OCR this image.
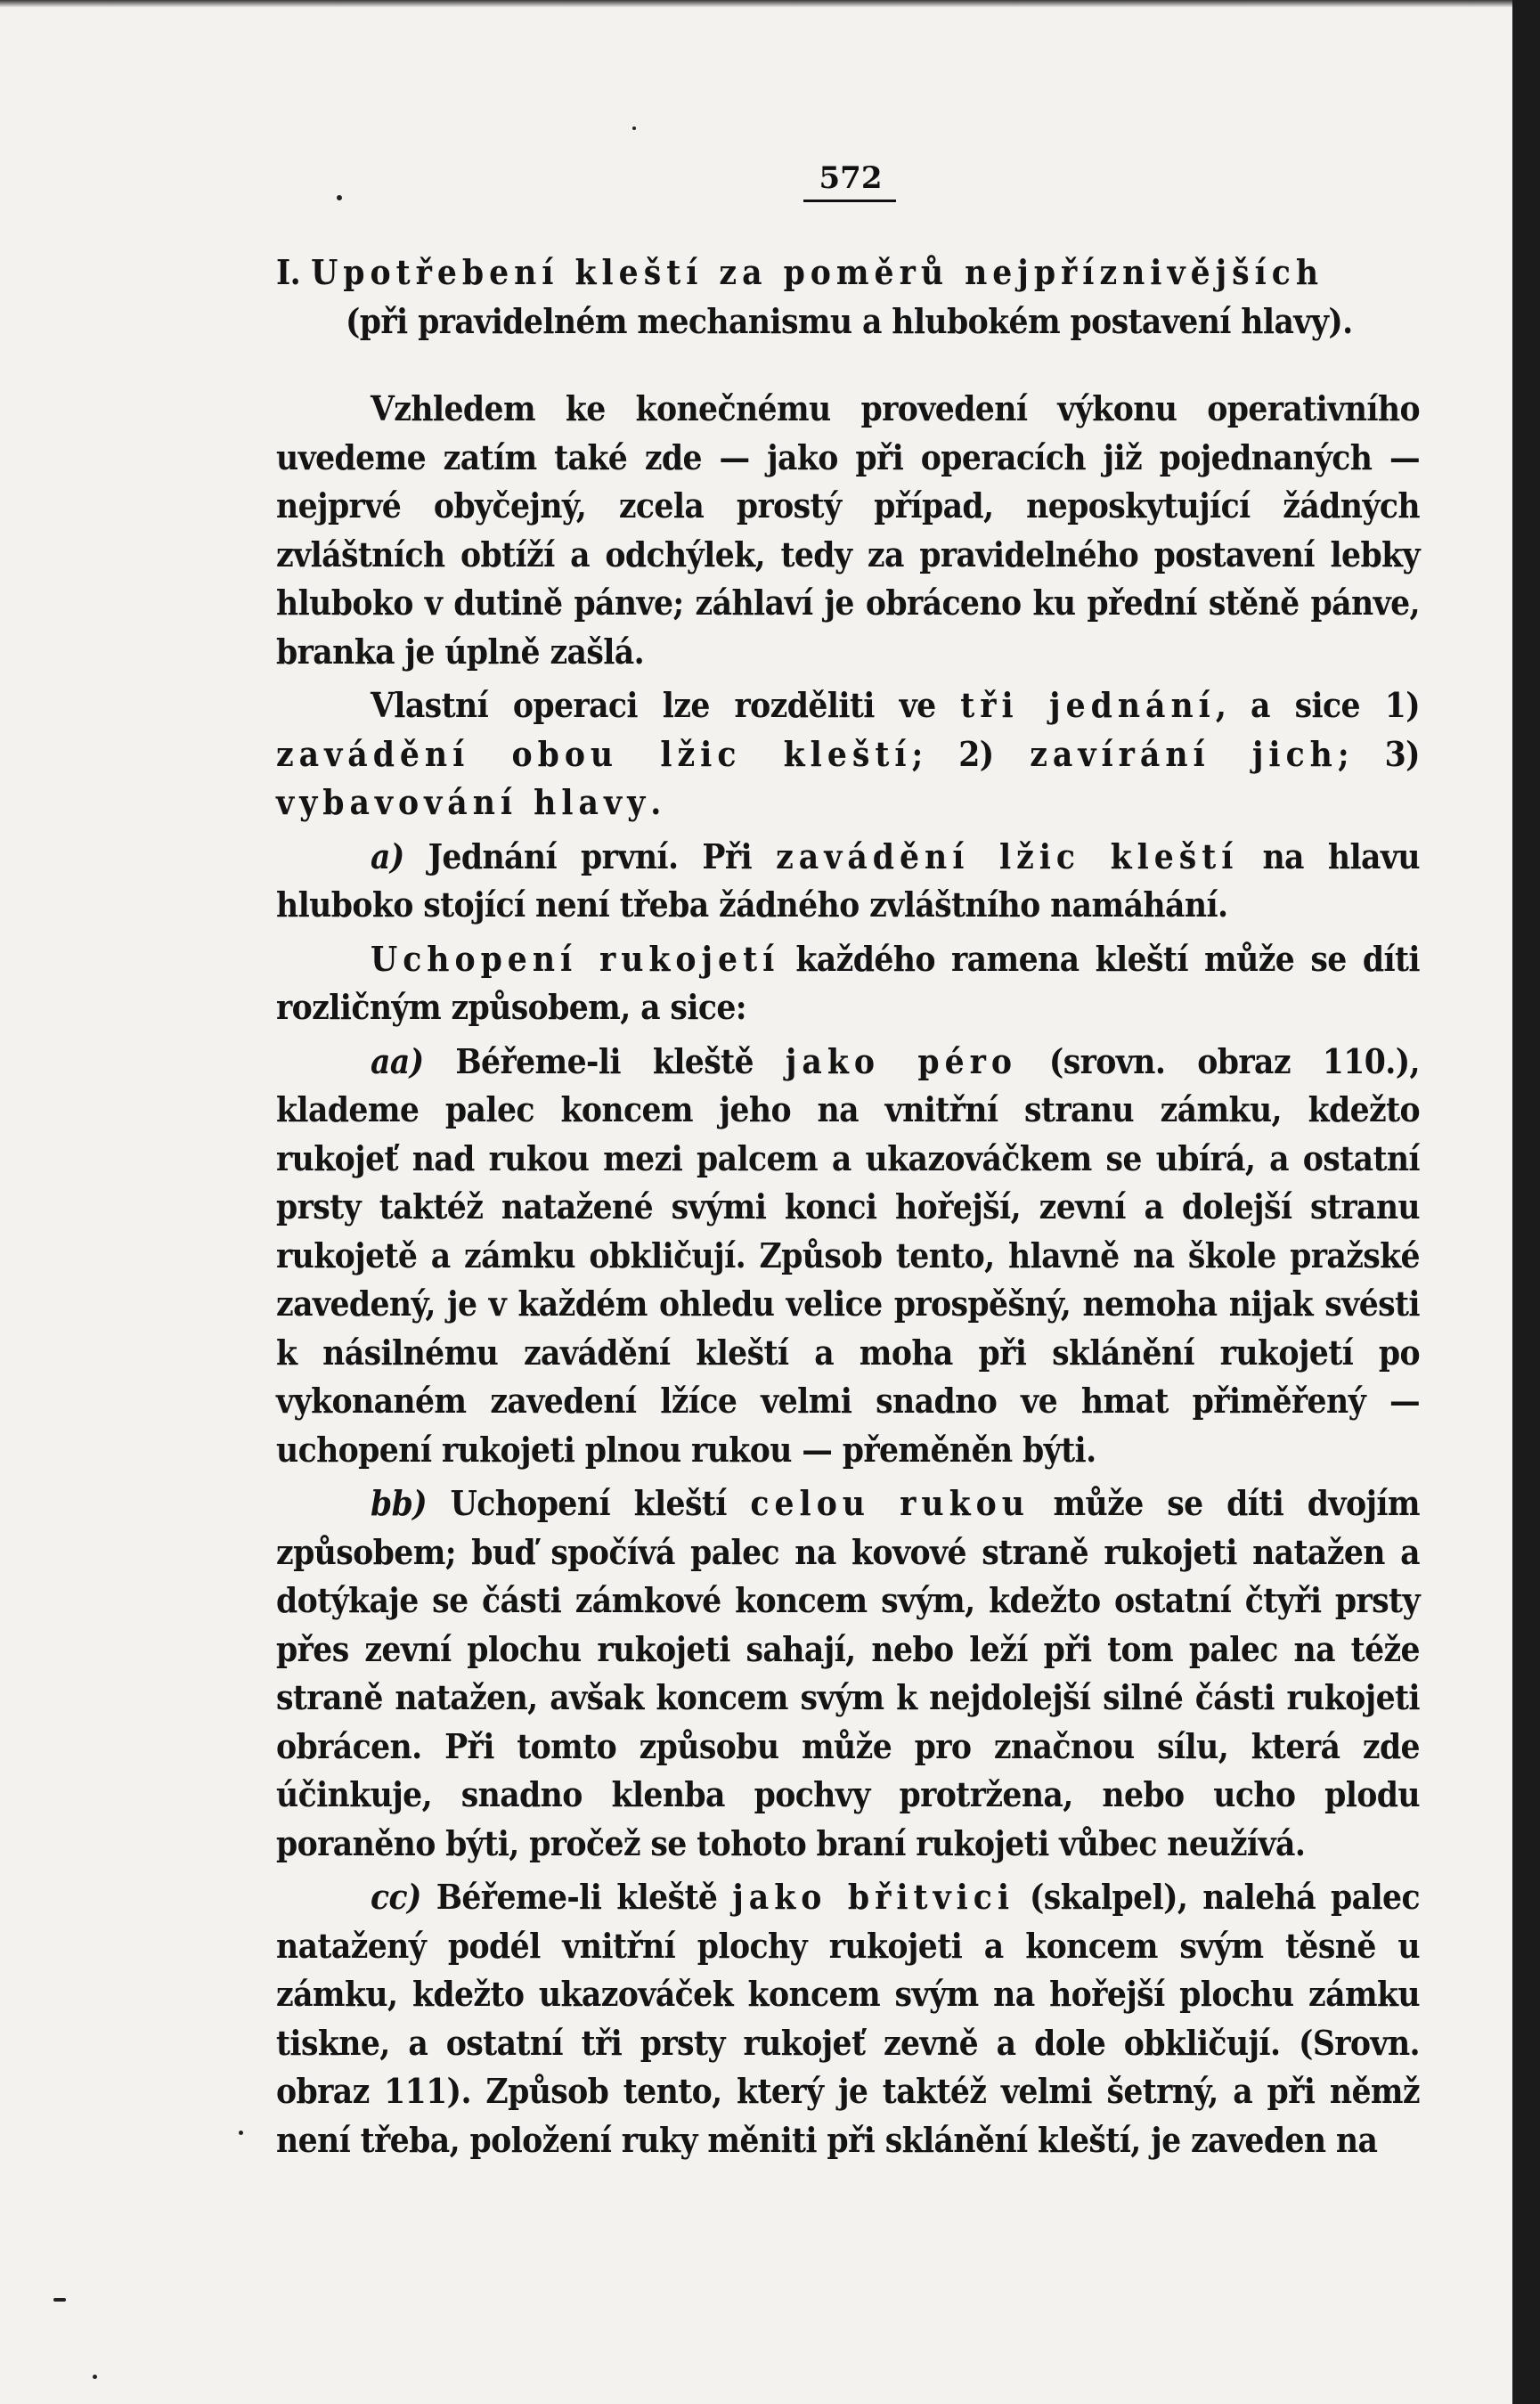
572

I. Upotřebení kleští za poměrů nejpříznivějších
(při pravidelném mechanismu a hlubokém postavení hlavy).

Vzhledem ke konečnému provedení výkonu operativního uvedeme zatím také zde — jako při operacích již pojednaných — nejprvé obyčejný, zcela prostý případ, neposkytující žádných zvláštních obtíží a odchýlek, tedy za pravidelného postavení lebky hluboko v dutině pánve; záhlaví je obráceno ku přední stěně pánve, branka je úplně zašlá.

Vlastní operaci lze rozděliti ve tři jednání, a sice 1) zavádění obou lžic kleští; 2) zavírání jich; 3) vybavování hlavy.

a) Jednání první. Při zavádění lžic kleští na hlavu hluboko stojící není třeba žádného zvláštního namáhání.

Uchopení rukojetí každého ramena kleští může se díti rozličným způsobem, a sice:

aa) Béřeme-li kleště jako péro (srovn. obraz 110.), klademe palec koncem jeho na vnitřní stranu zámku, kdežto rukojeť nad rukou mezi palcem a ukazováčkem se ubírá, a ostatní prsty taktéž natažené svými konci hořejší, zevní a dolejší stranu rukojetě a zámku obkličují. Způsob tento, hlavně na škole pražské zavedený, je v každém ohledu velice prospěšný, nemoha nijak svésti k násilnému zavádění kleští a moha při sklánění rukojetí po vykonaném zavedení lžíce velmi snadno ve hmat přiměřený — uchopení rukojeti plnou rukou — přeměněn býti.

bb) Uchopení kleští celou rukou může se díti dvojím způsobem; buď spočívá palec na kovové straně rukojeti natažen a dotýkaje se části zámkové koncem svým, kdežto ostatní čtyři prsty přes zevní plochu rukojeti sahají, nebo leží při tom palec na téže straně natažen, avšak koncem svým k nejdolejší silné části rukojeti obrácen. Při tomto způsobu může pro značnou sílu, která zde účinkuje, snadno klenba pochvy protržena, nebo ucho plodu poraněno býti, pročež se tohoto braní rukojeti vůbec neužívá.

cc) Béřeme-li kleště jako břitvici (skalpel), nalehá palec natažený podél vnitřní plochy rukojeti a koncem svým těsně u zámku, kdežto ukazováček koncem svým na hořejší plochu zámku tiskne, a ostatní tři prsty rukojeť zevně a dole obkličují. (Srovn. obraz 111). Způsob tento, který je taktéž velmi šetrný, a při němž není třeba, položení ruky měniti při sklánění kleští, je zaveden na
